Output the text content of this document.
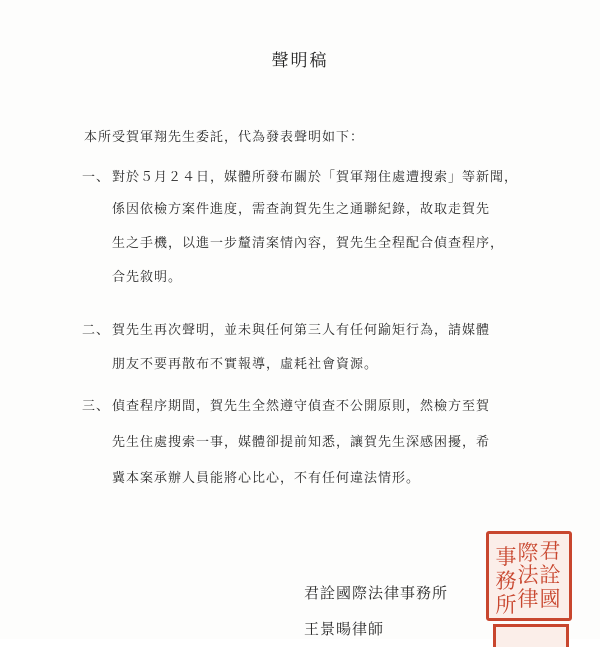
聲明稿
本所受賀軍翔先生委託，代為發表聲明如下：
一、 對於５月２４日，媒體所發布關於「賀軍翔住處遭搜索」等新聞，
係因依檢方案件進度，需查詢賀先生之通聯紀錄，故取走賀先
生之手機，以進一步釐清案情內容，賀先生全程配合偵查程序，
合先敘明。
二、 賀先生再次聲明，並未與任何第三人有任何踰矩行為，請媒體
朋友不要再散布不實報導，虛耗社會資源。
三、 偵查程序期間，賀先生全然遵守偵查不公開原則，然檢方至賀
先生住處搜索一事，媒體卻提前知悉，讓賀先生深感困擾，希
冀本案承辦人員能將心比心，不有任何違法情形。
君詮國際法律事務所
王景暘律師
君
詮
國
際
法
律
事
務
所
